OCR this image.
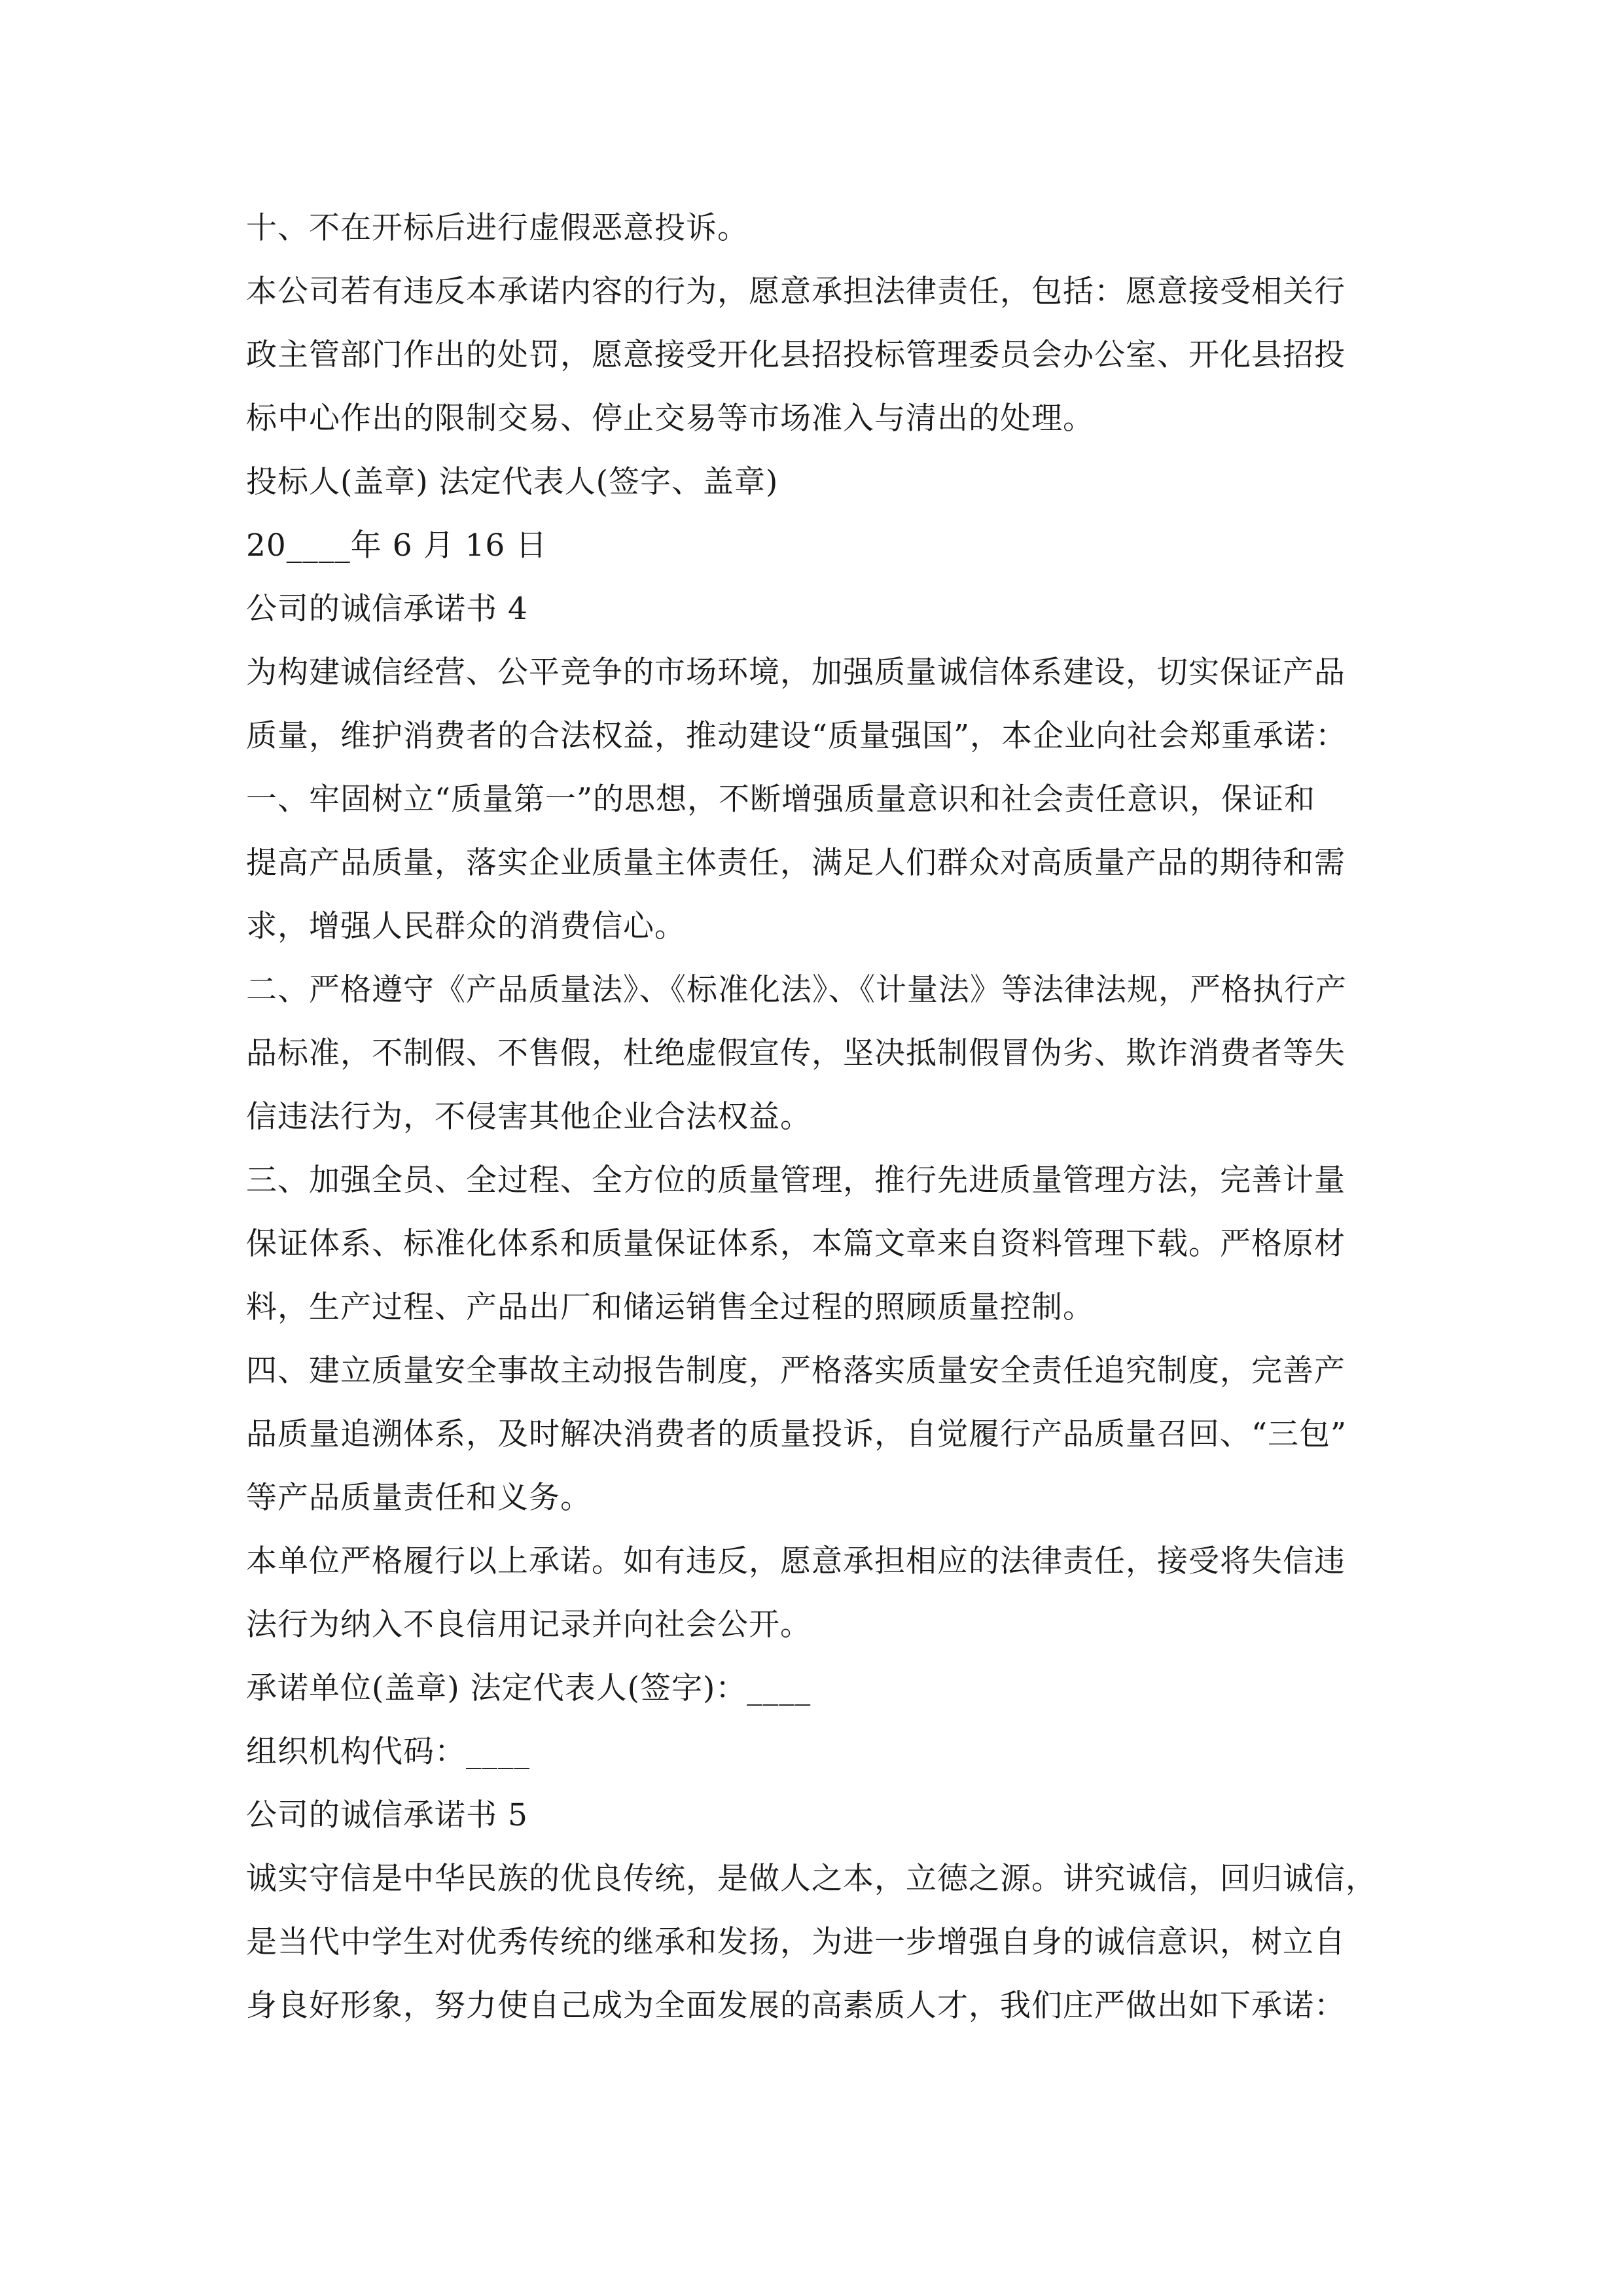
十、不在开标后进行虚假恶意投诉。
本公司若有违反本承诺内容的行为，愿意承担法律责任，包括：愿意接受相关行
政主管部门作出的处罚，愿意接受开化县招投标管理委员会办公室、开化县招投
标中心作出的限制交易、停止交易等市场准入与清出的处理。
投标人(盖章) 法定代表人(签字、盖章)
20____年 6 月 16 日
公司的诚信承诺书 4
为构建诚信经营、公平竞争的市场环境，加强质量诚信体系建设，切实保证产品
质量，维护消费者的合法权益，推动建设“质量强国”，本企业向社会郑重承诺：
一、牢固树立“质量第一”的思想，不断增强质量意识和社会责任意识，保证和
提高产品质量，落实企业质量主体责任，满足人们群众对高质量产品的期待和需
求，增强人民群众的消费信心。
二、严格遵守《产品质量法》、《标准化法》、《计量法》等法律法规，严格执行产
品标准，不制假、不售假，杜绝虚假宣传，坚决抵制假冒伪劣、欺诈消费者等失
信违法行为，不侵害其他企业合法权益。
三、加强全员、全过程、全方位的质量管理，推行先进质量管理方法，完善计量
保证体系、标准化体系和质量保证体系，本篇文章来自资料管理下载。严格原材
料，生产过程、产品出厂和储运销售全过程的照顾质量控制。
四、建立质量安全事故主动报告制度，严格落实质量安全责任追究制度，完善产
品质量追溯体系，及时解决消费者的质量投诉，自觉履行产品质量召回、“三包”
等产品质量责任和义务。
本单位严格履行以上承诺。如有违反，愿意承担相应的法律责任，接受将失信违
法行为纳入不良信用记录并向社会公开。
承诺单位(盖章) 法定代表人(签字)：____
组织机构代码：____
公司的诚信承诺书 5
诚实守信是中华民族的优良传统，是做人之本，立德之源。讲究诚信，回归诚信，
是当代中学生对优秀传统的继承和发扬，为进一步增强自身的诚信意识，树立自
身良好形象，努力使自己成为全面发展的高素质人才，我们庄严做出如下承诺：
